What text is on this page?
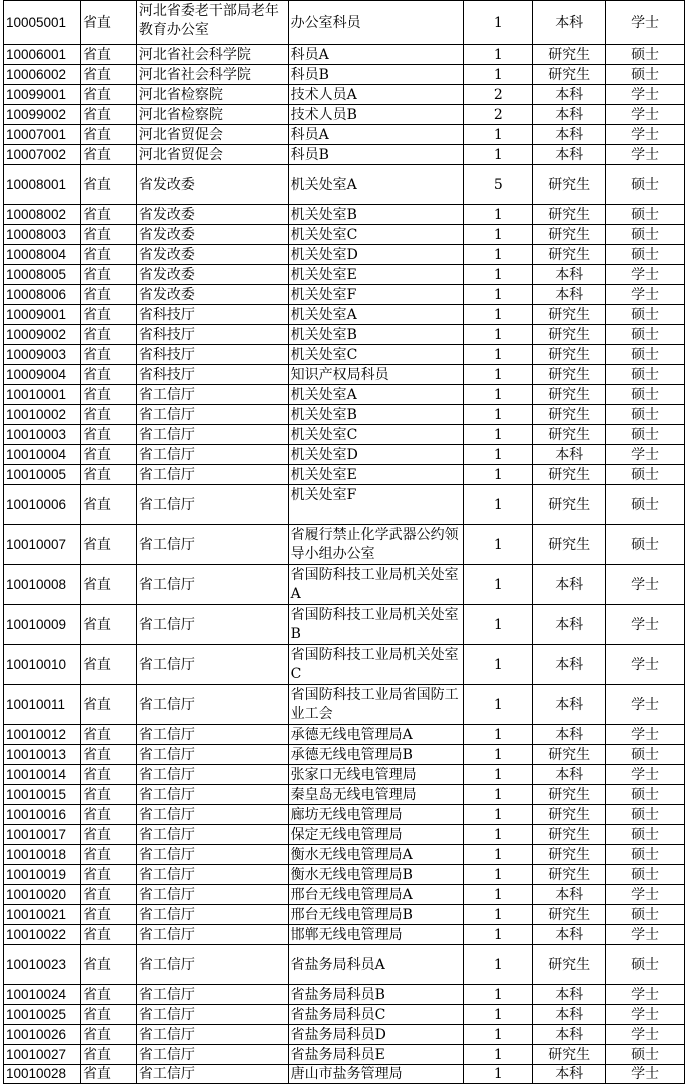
10005001	省直	河北省委老干部局老年教育办公室	办公室科员	1	本科	学士
10006001	省直	河北省社会科学院	科员A	1	研究生	硕士
10006002	省直	河北省社会科学院	科员B	1	研究生	硕士
10099001	省直	河北省检察院	技术人员A	2	本科	学士
10099002	省直	河北省检察院	技术人员B	2	本科	学士
10007001	省直	河北省贸促会	科员A	1	本科	学士
10007002	省直	河北省贸促会	科员B	1	本科	学士
10008001	省直	省发改委	机关处室A	5	研究生	硕士
10008002	省直	省发改委	机关处室B	1	研究生	硕士
10008003	省直	省发改委	机关处室C	1	研究生	硕士
10008004	省直	省发改委	机关处室D	1	研究生	硕士
10008005	省直	省发改委	机关处室E	1	本科	学士
10008006	省直	省发改委	机关处室F	1	本科	学士
10009001	省直	省科技厅	机关处室A	1	研究生	硕士
10009002	省直	省科技厅	机关处室B	1	研究生	硕士
10009003	省直	省科技厅	机关处室C	1	研究生	硕士
10009004	省直	省科技厅	知识产权局科员	1	研究生	硕士
10010001	省直	省工信厅	机关处室A	1	研究生	硕士
10010002	省直	省工信厅	机关处室B	1	研究生	硕士
10010003	省直	省工信厅	机关处室C	1	研究生	硕士
10010004	省直	省工信厅	机关处室D	1	本科	学士
10010005	省直	省工信厅	机关处室E	1	研究生	硕士
10010006	省直	省工信厅	机关处室F	1	研究生	硕士
10010007	省直	省工信厅	省履行禁止化学武器公约领导小组办公室	1	研究生	硕士
10010008	省直	省工信厅	省国防科技工业局机关处室A	1	本科	学士
10010009	省直	省工信厅	省国防科技工业局机关处室B	1	本科	学士
10010010	省直	省工信厅	省国防科技工业局机关处室C	1	本科	学士
10010011	省直	省工信厅	省国防科技工业局省国防工业工会	1	本科	学士
10010012	省直	省工信厅	承德无线电管理局A	1	本科	学士
10010013	省直	省工信厅	承德无线电管理局B	1	研究生	硕士
10010014	省直	省工信厅	张家口无线电管理局	1	本科	学士
10010015	省直	省工信厅	秦皇岛无线电管理局	1	研究生	硕士
10010016	省直	省工信厅	廊坊无线电管理局	1	研究生	硕士
10010017	省直	省工信厅	保定无线电管理局	1	研究生	硕士
10010018	省直	省工信厅	衡水无线电管理局A	1	研究生	硕士
10010019	省直	省工信厅	衡水无线电管理局B	1	研究生	硕士
10010020	省直	省工信厅	邢台无线电管理局A	1	本科	学士
10010021	省直	省工信厅	邢台无线电管理局B	1	研究生	硕士
10010022	省直	省工信厅	邯郸无线电管理局	1	本科	学士
10010023	省直	省工信厅	省盐务局科员A	1	研究生	硕士
10010024	省直	省工信厅	省盐务局科员B	1	本科	学士
10010025	省直	省工信厅	省盐务局科员C	1	本科	学士
10010026	省直	省工信厅	省盐务局科员D	1	本科	学士
10010027	省直	省工信厅	省盐务局科员E	1	研究生	硕士
10010028	省直	省工信厅	唐山市盐务管理局	1	本科	学士
